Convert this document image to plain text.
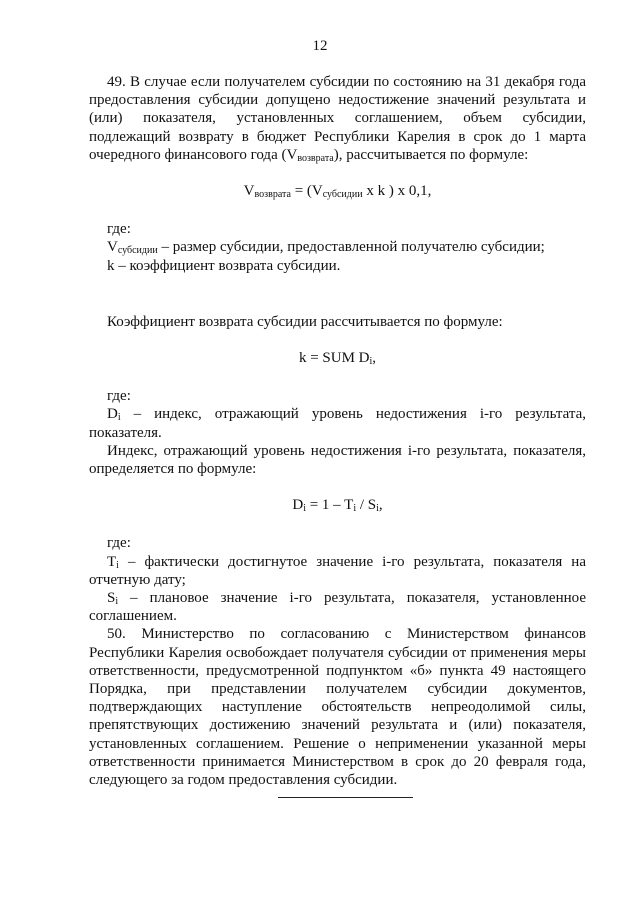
12

49. В случае если получателем субсидии по состоянию на 31 декабря года предоставления субсидии допущено недостижение значений результата и (или) показателя, установленных соглашением, объем субсидии, подлежащий возврату в бюджет Республики Карелия в срок до 1 марта очередного финансового года $(V_{возврата})$, рассчитывается по формуле:

$V_{возврата} = (V_{субсидии}$ x k ) x 0,1,

где:

$V_{субсидии}$ – размер субсидии, предоставленной получателю субсидии;

k – коэффициент возврата субсидии.

Коэффициент возврата субсидии рассчитывается по формуле:

k = SUM $D_i$,

где:

$D_i$ – индекс, отражающий уровень недостижения i-го результата, показателя.

Индекс, отражающий уровень недостижения i-го результата, показателя, определяется по формуле:

$D_i = 1 - T_i / S_i$,

где:

$T_i$ – фактически достигнутое значение i-го результата, показателя на отчетную дату;

$S_i$ – плановое значение i-го результата, показателя, установленное соглашением.

50. Министерство по согласованию с Министерством финансов Республики Карелия освобождает получателя субсидии от применения меры ответственности, предусмотренной подпунктом «б» пункта 49 настоящего Порядка, при представлении получателем субсидии документов, подтверждающих наступление обстоятельств непреодолимой силы, препятствующих достижению значений результата и (или) показателя, установленных соглашением. Решение о неприменении указанной меры ответственности принимается Министерством в срок до 20 февраля года, следующего за годом предоставления субсидии.
